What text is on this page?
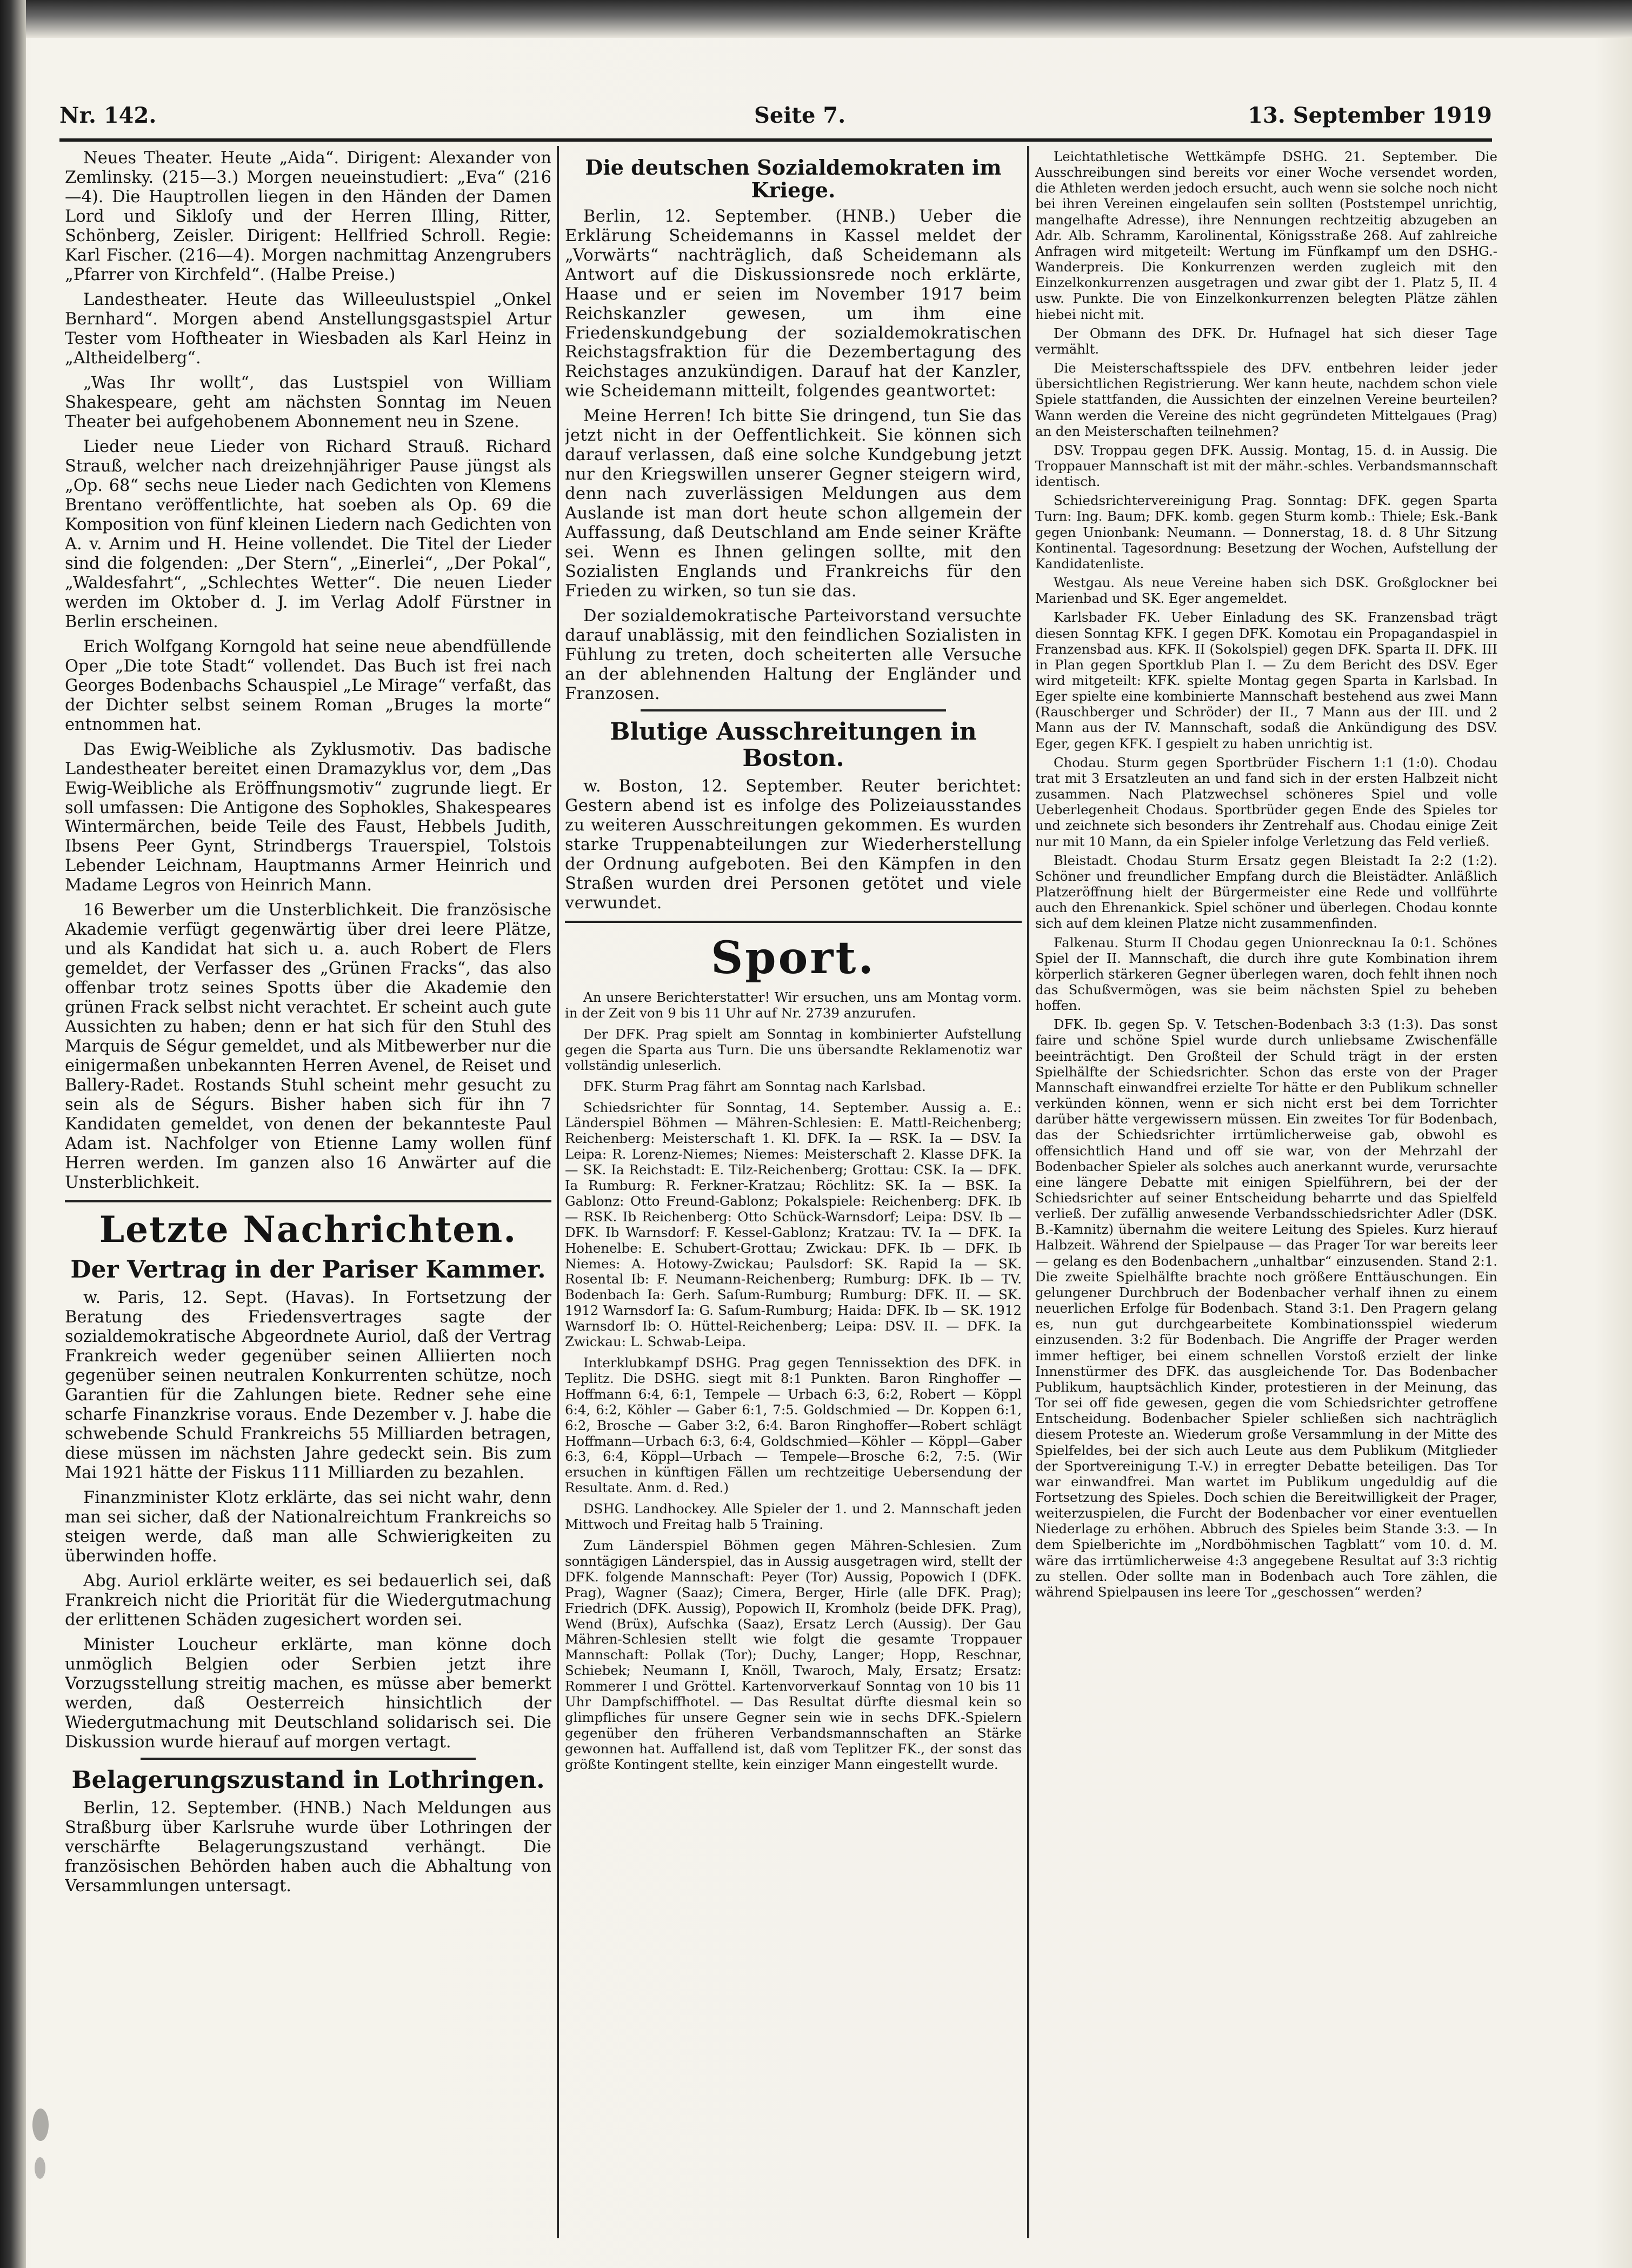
Nr. 142.	Seite 7.	13. September 1919

Neues Theater. Heute „Aida“. Dirigent: Alexander von Zemlinsky. (215—3.) Morgen neueinstudiert: „Eva“ (216—4). Die Hauptrollen liegen in den Händen der Damen Lord und Sikloſy und der Herren Illing, Ritter, Schönberg, Zeisler. Dirigent: Hellfried Schroll. Regie: Karl Fischer. (216—4). Morgen nachmittag Anzengrubers „Pfarrer von Kirchfeld“. (Halbe Preise.)

Landestheater. Heute das Willeeulustspiel „Onkel Bernhard“. Morgen abend Anstellungsgastspiel Artur Tester vom Hoftheater in Wiesbaden als Karl Heinz in „Altheidelberg“.

„Was Ihr wollt“, das Lustspiel von William Shakespeare, geht am nächsten Sonntag im Neuen Theater bei aufgehobenem Abonnement neu in Szene.

Lieder neue Lieder von Richard Strauß. Richard Strauß, welcher nach dreizehnjähriger Pause jüngst als „Op. 68“ sechs neue Lieder nach Gedichten von Klemens Brentano veröffentlichte, hat soeben als Op. 69 die Komposition von fünf kleinen Liedern nach Gedichten von A. v. Arnim und H. Heine vollendet. Die Titel der Lieder sind die folgenden: „Der Stern“, „Einerlei“, „Der Pokal“, „Waldesfahrt“, „Schlechtes Wetter“. Die neuen Lieder werden im Oktober d. J. im Verlag Adolf Fürstner in Berlin erscheinen.

Erich Wolfgang Korngold hat seine neue abendfüllende Oper „Die tote Stadt“ vollendet. Das Buch ist frei nach Georges Bodenbachs Schauspiel „Le Mirage“ verfaßt, das der Dichter selbst seinem Roman „Bruges la morte“ entnommen hat.

Das Ewig-Weibliche als Zyklusmotiv. Das badische Landestheater bereitet einen Dramazyklus vor, dem „Das Ewig-Weibliche als Eröffnungsmotiv“ zugrunde liegt. Er soll umfassen: Die Antigone des Sophokles, Shakespeares Wintermärchen, beide Teile des Faust, Hebbels Judith, Ibsens Peer Gynt, Strindbergs Trauerspiel, Tolstois Lebender Leichnam, Hauptmanns Armer Heinrich und Madame Legros von Heinrich Mann.

16 Bewerber um die Unsterblichkeit. Die französische Akademie verfügt gegenwärtig über drei leere Plätze, und als Kandidat hat sich u. a. auch Robert de Flers gemeldet, der Verfasser des „Grünen Fracks“, das also offenbar trotz seines Spotts über die Akademie den grünen Frack selbst nicht verachtet. Er scheint auch gute Aussichten zu haben; denn er hat sich für den Stuhl des Marquis de Ségur gemeldet, und als Mitbewerber nur die einigermaßen unbekannten Herren Avenel, de Reiset und Ballery-Radet. Rostands Stuhl scheint mehr gesucht zu sein als de Ségurs. Bisher haben sich für ihn 7 Kandidaten gemeldet, von denen der bekannteste Paul Adam ist. Nachfolger von Etienne Lamy wollen fünf Herren werden. Im ganzen also 16 Anwärter auf die Unsterblichkeit.

Letzte Nachrichten.
Der Vertrag in der Pariser Kammer.

w. Paris, 12. Sept. (Havas). In Fortsetzung der Beratung des Friedensvertrages sagte der sozialdemokratische Abgeordnete Auriol, daß der Vertrag Frankreich weder gegenüber seinen Alliierten noch gegenüber seinen neutralen Konkurrenten schütze, noch Garantien für die Zahlungen biete. Redner sehe eine scharfe Finanzkrise voraus. Ende Dezember v. J. habe die schwebende Schuld Frankreichs 55 Milliarden betragen, diese müssen im nächsten Jahre gedeckt sein. Bis zum Mai 1921 hätte der Fiskus 111 Milliarden zu bezahlen.

Finanzminister Klotz erklärte, das sei nicht wahr, denn man sei sicher, daß der Nationalreichtum Frankreichs so steigen werde, daß man alle Schwierigkeiten zu überwinden hoffe.

Abg. Auriol erklärte weiter, es sei bedauerlich sei, daß Frankreich nicht die Priorität für die Wiedergutmachung der erlittenen Schäden zugesichert worden sei.

Minister Loucheur erklärte, man könne doch unmöglich Belgien oder Serbien jetzt ihre Vorzugsstellung streitig machen, es müsse aber bemerkt werden, daß Oesterreich hinsichtlich der Wiedergutmachung mit Deutschland solidarisch sei. Die Diskussion wurde hierauf auf morgen vertagt.

Belagerungszustand in Lothringen.

Berlin, 12. September. (HNB.) Nach Meldungen aus Straßburg über Karlsruhe wurde über Lothringen der verschärfte Belagerungszustand verhängt. Die französischen Behörden haben auch die Abhaltung von Versammlungen untersagt.

Die deutschen Sozialdemokraten im Kriege.

Berlin, 12. September. (HNB.) Ueber die Erklärung Scheidemanns in Kassel meldet der „Vorwärts“ nachträglich, daß Scheidemann als Antwort auf die Diskussionsrede noch erklärte, Haase und er seien im November 1917 beim Reichskanzler gewesen, um ihm eine Friedenskundgebung der sozialdemokratischen Reichstagsfraktion für die Dezembertagung des Reichstages anzukündigen. Darauf hat der Kanzler, wie Scheidemann mitteilt, folgendes geantwortet:

Meine Herren! Ich bitte Sie dringend, tun Sie das jetzt nicht in der Oeffentlichkeit. Sie können sich darauf verlassen, daß eine solche Kundgebung jetzt nur den Kriegswillen unserer Gegner steigern wird, denn nach zuverlässigen Meldungen aus dem Auslande ist man dort heute schon allgemein der Auffassung, daß Deutschland am Ende seiner Kräfte sei. Wenn es Ihnen gelingen sollte, mit den Sozialisten Englands und Frankreichs für den Frieden zu wirken, so tun sie das.

Der sozialdemokratische Parteivorstand versuchte darauf unablässig, mit den feindlichen Sozialisten in Fühlung zu treten, doch scheiterten alle Versuche an der ablehnenden Haltung der Engländer und Franzosen.

Blutige Ausschreitungen in Boston.

w. Boston, 12. September. Reuter berichtet: Gestern abend ist es infolge des Polizeiausstandes zu weiteren Ausschreitungen gekommen. Es wurden starke Truppenabteilungen zur Wiederherstellung der Ordnung aufgeboten. Bei den Kämpfen in den Straßen wurden drei Personen getötet und viele verwundet.

Sport.

An unsere Berichterstatter! Wir ersuchen, uns am Montag vorm. in der Zeit von 9 bis 11 Uhr auf Nr. 2739 anzurufen.

Der DFK. Prag spielt am Sonntag in kombinierter Aufstellung gegen die Sparta aus Turn. Die uns übersandte Reklamenotiz war vollständig unleserlich.

DFK. Sturm Prag fährt am Sonntag nach Karlsbad.

Schiedsrichter für Sonntag, 14. September. Aussig a. E.: Länderspiel Böhmen — Mähren-Schlesien: E. Mattl-Reichenberg; Reichenberg: Meisterschaft 1. Kl. DFK. Ia — RSK. Ia — DSV. Ia Leipa: R. Lorenz-Niemes; Niemes: Meisterschaft 2. Klasse DFK. Ia — SK. Ia Reichstadt: E. Tilz-Reichenberg; Grottau: CSK. Ia — DFK. Ia Rumburg: R. Ferkner-Kratzau; Röchlitz: SK. Ia — BSK. Ia Gablonz: Otto Freund-Gablonz; Pokalspiele: Reichenberg: DFK. Ib — RSK. Ib Reichenberg: Otto Schück-Warnsdorf; Leipa: DSV. Ib — DFK. Ib Warnsdorf: F. Kessel-Gablonz; Kratzau: TV. Ia — DFK. Ia Hohenelbe: E. Schubert-Grottau; Zwickau: DFK. Ib — DFK. Ib Niemes: A. Hotowy-Zwickau; Paulsdorf: SK. Rapid Ia — SK. Rosental Ib: F. Neumann-Reichenberg; Rumburg: DFK. Ib — TV. Bodenbach Ia: Gerh. Saſum-Rumburg; Rumburg: DFK. II. — SK. 1912 Warnsdorf Ia: G. Saſum-Rumburg; Haida: DFK. Ib — SK. 1912 Warnsdorf Ib: O. Hüttel-Reichenberg; Leipa: DSV. II. — DFK. Ia Zwickau: L. Schwab-Leipa.

Interklubkampf DSHG. Prag gegen Tennissektion des DFK. in Teplitz. Die DSHG. siegt mit 8:1 Punkten. Baron Ringhoffer — Hoffmann 6:4, 6:1, Tempele — Urbach 6:3, 6:2, Robert — Köppl 6:4, 6:2, Köhler — Gaber 6:1, 7:5. Goldschmied — Dr. Koppen 6:1, 6:2, Brosche — Gaber 3:2, 6:4. Baron Ringhoffer—Robert schlägt Hoffmann—Urbach 6:3, 6:4, Goldschmied—Köhler — Köppl—Gaber 6:3, 6:4, Köppl—Urbach — Tempele—Brosche 6:2, 7:5. (Wir ersuchen in künftigen Fällen um rechtzeitige Uebersendung der Resultate. Anm. d. Red.)

DSHG. Landhockey. Alle Spieler der 1. und 2. Mannschaft jeden Mittwoch und Freitag halb 5 Training.

Zum Länderspiel Böhmen gegen Mähren-Schlesien. Zum sonntägigen Länderspiel, das in Aussig ausgetragen wird, stellt der DFK. folgende Mannschaft: Peyer (Tor) Aussig, Popowich I (DFK. Prag), Wagner (Saaz); Cimera, Berger, Hirle (alle DFK. Prag); Friedrich (DFK. Aussig), Popowich II, Kromholz (beide DFK. Prag), Wend (Brüx), Aufschka (Saaz), Ersatz Lerch (Aussig). Der Gau Mähren-Schlesien stellt wie folgt die gesamte Troppauer Mannschaft: Pollak (Tor); Duchy, Langer; Hopp, Reschnar, Schiebek; Neumann I, Knöll, Twaroch, Maly, Ersatz; Ersatz: Rommerer I und Gröttel. Kartenvorverkauf Sonntag von 10 bis 11 Uhr Dampfschiffhotel. — Das Resultat dürfte diesmal kein so glimpfliches für unsere Gegner sein wie in sechs DFK.-Spielern gegenüber den früheren Verbandsmannschaften an Stärke gewonnen hat. Auffallend ist, daß vom Teplitzer FK., der sonst das größte Kontingent stellte, kein einziger Mann eingestellt wurde.

Leichtathletische Wettkämpfe DSHG. 21. September. Die Ausschreibungen sind bereits vor einer Woche versendet worden, die Athleten werden jedoch ersucht, auch wenn sie solche noch nicht bei ihren Vereinen eingelaufen sein sollten (Poststempel unrichtig, mangelhafte Adresse), ihre Nennungen rechtzeitig abzugeben an Adr. Alb. Schramm, Karolinental, Königsstraße 268. Auf zahlreiche Anfragen wird mitgeteilt: Wertung im Fünfkampf um den DSHG.-Wanderpreis. Die Konkurrenzen werden zugleich mit den Einzelkonkurrenzen ausgetragen und zwar gibt der 1. Platz 5, II. 4 usw. Punkte. Die von Einzelkonkurrenzen belegten Plätze zählen hiebei nicht mit.

Der Obmann des DFK. Dr. Hufnagel hat sich dieser Tage vermählt.

Die Meisterschaftsspiele des DFV. entbehren leider jeder übersichtlichen Registrierung. Wer kann heute, nachdem schon viele Spiele stattfanden, die Aussichten der einzelnen Vereine beurteilen? Wann werden die Vereine des nicht gegründeten Mittelgaues (Prag) an den Meisterschaften teilnehmen?

DSV. Troppau gegen DFK. Aussig. Montag, 15. d. in Aussig. Die Troppauer Mannschaft ist mit der mähr.-schles. Verbandsmannschaft identisch.

Schiedsrichtervereinigung Prag. Sonntag: DFK. gegen Sparta Turn: Ing. Baum; DFK. komb. gegen Sturm komb.: Thiele; Esk.-Bank gegen Unionbank: Neumann. — Donnerstag, 18. d. 8 Uhr Sitzung Kontinental. Tagesordnung: Besetzung der Wochen, Aufstellung der Kandidatenliste.

Westgau. Als neue Vereine haben sich DSK. Großglockner bei Marienbad und SK. Eger angemeldet.

Karlsbader FK. Ueber Einladung des SK. Franzensbad trägt diesen Sonntag KFK. I gegen DFK. Komotau ein Propagandaspiel in Franzensbad aus. KFK. II (Sokolspiel) gegen DFK. Sparta II. DFK. III in Plan gegen Sportklub Plan I. — Zu dem Bericht des DSV. Eger wird mitgeteilt: KFK. spielte Montag gegen Sparta in Karlsbad. In Eger spielte eine kombinierte Mannschaft bestehend aus zwei Mann (Rauschberger und Schröder) der II., 7 Mann aus der III. und 2 Mann aus der IV. Mannschaft, sodaß die Ankündigung des DSV. Eger, gegen KFK. I gespielt zu haben unrichtig ist.

Chodau. Sturm gegen Sportbrüder Fischern 1:1 (1:0). Chodau trat mit 3 Ersatzleuten an und fand sich in der ersten Halbzeit nicht zusammen. Nach Platzwechsel schöneres Spiel und volle Ueberlegenheit Chodaus. Sportbrüder gegen Ende des Spieles tor und zeichnete sich besonders ihr Zentrehalf aus. Chodau einige Zeit nur mit 10 Mann, da ein Spieler infolge Verletzung das Feld verließ.

Bleistadt. Chodau Sturm Ersatz gegen Bleistadt Ia 2:2 (1:2). Schöner und freundlicher Empfang durch die Bleistädter. Anläßlich Platzeröffnung hielt der Bürgermeister eine Rede und vollführte auch den Ehrenankick. Spiel schöner und überlegen. Chodau konnte sich auf dem kleinen Platze nicht zusammenfinden.

Falkenau. Sturm II Chodau gegen Unionrecknau Ia 0:1. Schönes Spiel der II. Mannschaft, die durch ihre gute Kombination ihrem körperlich stärkeren Gegner überlegen waren, doch fehlt ihnen noch das Schußvermögen, was sie beim nächsten Spiel zu beheben hoffen.

DFK. Ib. gegen Sp. V. Tetschen-Bodenbach 3:3 (1:3). Das sonst faire und schöne Spiel wurde durch unliebsame Zwischenfälle beeinträchtigt. Den Großteil der Schuld trägt in der ersten Spielhälfte der Schiedsrichter. Schon das erste von der Prager Mannschaft einwandfrei erzielte Tor hätte er den Publikum schneller verkünden können, wenn er sich nicht erst bei dem Torrichter darüber hätte vergewissern müssen. Ein zweites Tor für Bodenbach, das der Schiedsrichter irrtümlicherweise gab, obwohl es offensichtlich Hand und off sie war, von der Mehrzahl der Bodenbacher Spieler als solches auch anerkannt wurde, verursachte eine längere Debatte mit einigen Spielführern, bei der der Schiedsrichter auf seiner Entscheidung beharrte und das Spielfeld verließ. Der zufällig anwesende Verbandsschiedsrichter Adler (DSK. B.-Kamnitz) übernahm die weitere Leitung des Spieles. Kurz hierauf Halbzeit. Während der Spielpause — das Prager Tor war bereits leer — gelang es den Bodenbachern „unhaltbar“ einzusenden. Stand 2:1. Die zweite Spielhälfte brachte noch größere Enttäuschungen. Ein gelungener Durchbruch der Bodenbacher verhalf ihnen zu einem neuerlichen Erfolge für Bodenbach. Stand 3:1. Den Pragern gelang es, nun gut durchgearbeitete Kombinationsspiel wiederum einzusenden. 3:2 für Bodenbach. Die Angriffe der Prager werden immer heftiger, bei einem schnellen Vorstoß erzielt der linke Innenstürmer des DFK. das ausgleichende Tor. Das Bodenbacher Publikum, hauptsächlich Kinder, protestieren in der Meinung, das Tor sei off fide gewesen, gegen die vom Schiedsrichter getroffene Entscheidung. Bodenbacher Spieler schließen sich nachträglich diesem Proteste an. Wiederum große Versammlung in der Mitte des Spielfeldes, bei der sich auch Leute aus dem Publikum (Mitglieder der Sportvereinigung T.-V.) in erregter Debatte beteiligen. Das Tor war einwandfrei. Man wartet im Publikum ungeduldig auf die Fortsetzung des Spieles. Doch schien die Bereitwilligkeit der Prager, weiterzuspielen, die Furcht der Bodenbacher vor einer eventuellen Niederlage zu erhöhen. Abbruch des Spieles beim Stande 3:3. — In dem Spielberichte im „Nordböhmischen Tagblatt“ vom 10. d. M. wäre das irrtümlicherweise 4:3 angegebene Resultat auf 3:3 richtig zu stellen. Oder sollte man in Bodenbach auch Tore zählen, die während Spielpausen ins leere Tor „geschossen“ werden?
